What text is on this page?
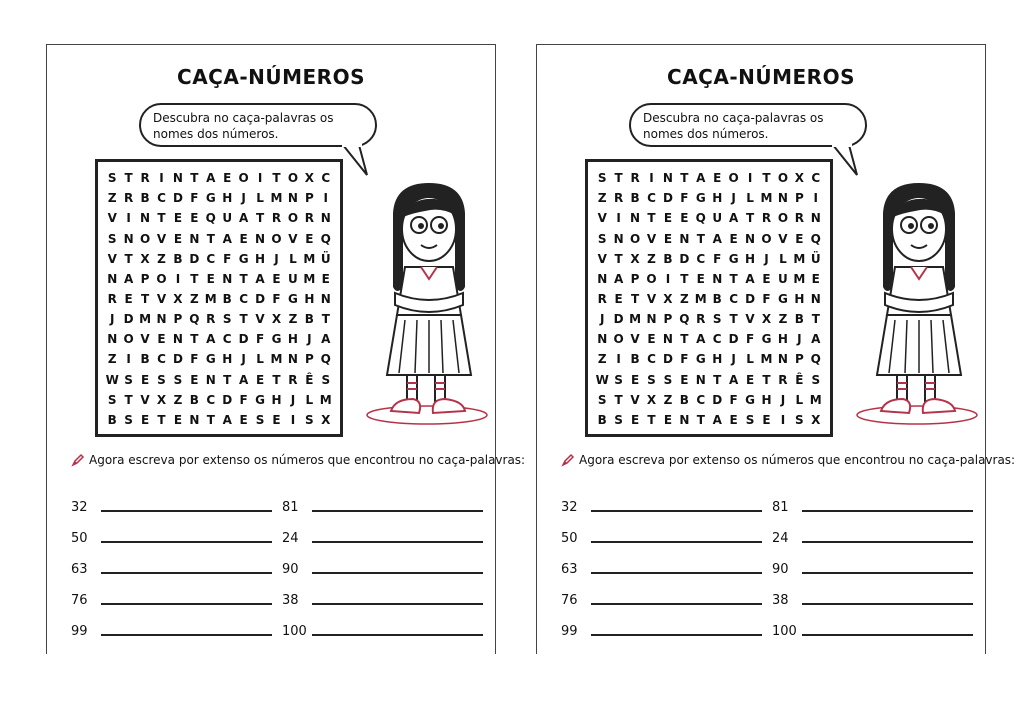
CAÇA-NÚMEROS
Descubra no caça-palavras os nomes dos números.
S T R I N T A E O I T O X C
Z R B C D F G H J L M N P I
V I N T E E Q U A T R O R N
S N O V E N T A E N O V E Q
V T X Z B D C F G H J L M Ü
N A P O I T E N T A E U M E
R E T V X Z M B C D F G H N
J D M N P Q R S T V X Z B T
N O V E N T A C D F G H J A
Z I B C D F G H J L M N P Q
W S E S S E N T A E T R Ê S
S T V X Z B C D F G H J L M
B S E T E N T A E S E I S X
Agora escreva por extenso os números que encontrou no caça-palavras:
32	81
50	24
63	90
76	38
99	100
CAÇA-NÚMEROS
Descubra no caça-palavras os nomes dos números.
S T R I N T A E O I T O X C
Z R B C D F G H J L M N P I
V I N T E E Q U A T R O R N
S N O V E N T A E N O V E Q
V T X Z B D C F G H J L M Ü
N A P O I T E N T A E U M E
R E T V X Z M B C D F G H N
J D M N P Q R S T V X Z B T
N O V E N T A C D F G H J A
Z I B C D F G H J L M N P Q
W S E S S E N T A E T R Ê S
S T V X Z B C D F G H J L M
B S E T E N T A E S E I S X
Agora escreva por extenso os números que encontrou no caça-palavras:
32	81
50	24
63	90
76	38
99	100
